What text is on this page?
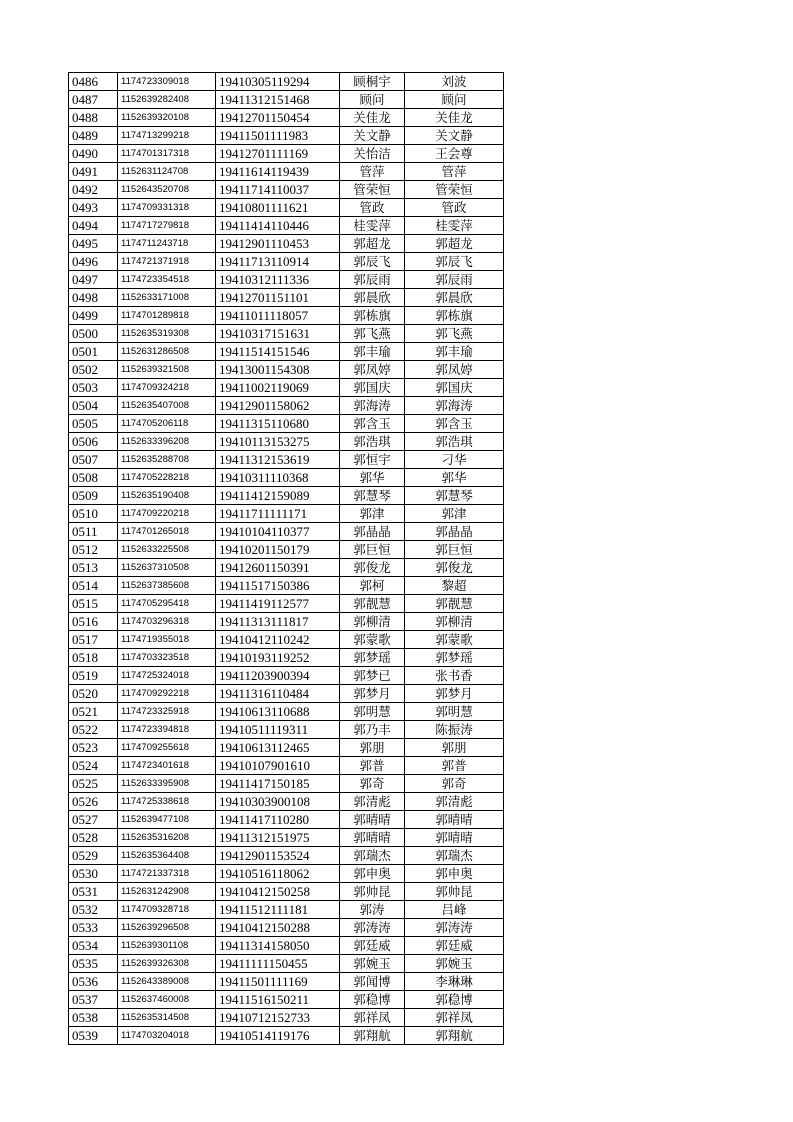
0486	1174723309018	19410305119294	顾桐宇	刘波
0487	1152639282408	19411312151468	顾问	顾问
0488	1152639320108	19412701150454	关佳龙	关佳龙
0489	1174713299218	19411501111983	关文静	关文静
0490	1174701317318	19412701111169	关怡洁	王会尊
0491	1152631124708	19411614119439	管萍	管萍
0492	1152643520708	19411714110037	管荣恒	管荣恒
0493	1174709331318	19410801111621	管政	管政
0494	1174717279818	19411414110446	桂雯萍	桂雯萍
0495	1174711243718	19412901110453	郭超龙	郭超龙
0496	1174721371918	19411713110914	郭辰飞	郭辰飞
0497	1174723354518	19410312111336	郭辰雨	郭辰雨
0498	1152633171008	19412701151101	郭晨欣	郭晨欣
0499	1174701289818	19411011118057	郭栋旗	郭栋旗
0500	1152635319308	19410317151631	郭飞燕	郭飞燕
0501	1152631286508	19411514151546	郭丰瑜	郭丰瑜
0502	1152639321508	19413001154308	郭凤婷	郭凤婷
0503	1174709324218	19411002119069	郭国庆	郭国庆
0504	1152635407008	19412901158062	郭海涛	郭海涛
0505	1174705206118	19411315110680	郭含玉	郭含玉
0506	1152633396208	19410113153275	郭浩琪	郭浩琪
0507	1152635288708	19411312153619	郭恒宇	刁华
0508	1174705228218	19410311110368	郭华	郭华
0509	1152635190408	19411412159089	郭慧琴	郭慧琴
0510	1174709220218	19411711111171	郭津	郭津
0511	1174701265018	19410104110377	郭晶晶	郭晶晶
0512	1152633225508	19410201150179	郭巨恒	郭巨恒
0513	1152637310508	19412601150391	郭俊龙	郭俊龙
0514	1152637385608	19411517150386	郭柯	黎超
0515	1174705295418	19411419112577	郭靓慧	郭靓慧
0516	1174703296318	19411313111817	郭柳清	郭柳清
0517	1174719355018	19410412110242	郭蒙歌	郭蒙歌
0518	1174703323518	19410193119252	郭梦瑶	郭梦瑶
0519	1174725324018	19411203900394	郭梦已	张书香
0520	1174709292218	19411316110484	郭梦月	郭梦月
0521	1174723325918	19410613110688	郭明慧	郭明慧
0522	1174723394818	19410511119311	郭乃丰	陈振涛
0523	1174709255618	19410613112465	郭朋	郭朋
0524	1174723401618	19410107901610	郭普	郭普
0525	1152633395908	19411417150185	郭奇	郭奇
0526	1174725338618	19410303900108	郭清彪	郭清彪
0527	1152639477108	19411417110280	郭晴晴	郭晴晴
0528	1152635316208	19411312151975	郭晴晴	郭晴晴
0529	1152635364408	19412901153524	郭瑞杰	郭瑞杰
0530	1174721337318	19410516118062	郭申奥	郭申奥
0531	1152631242908	19410412150258	郭帅昆	郭帅昆
0532	1174709328718	19411512111181	郭涛	吕峰
0533	1152639296508	19410412150288	郭涛涛	郭涛涛
0534	1152639301108	19411314158050	郭廷威	郭廷威
0535	1152639326308	19411111150455	郭婉玉	郭婉玉
0536	1152643389008	19411501111169	郭闻博	李琳琳
0537	1152637460008	19411516150211	郭稳博	郭稳博
0538	1152635314508	19410712152733	郭祥凤	郭祥凤
0539	1174703204018	19410514119176	郭翔航	郭翔航
